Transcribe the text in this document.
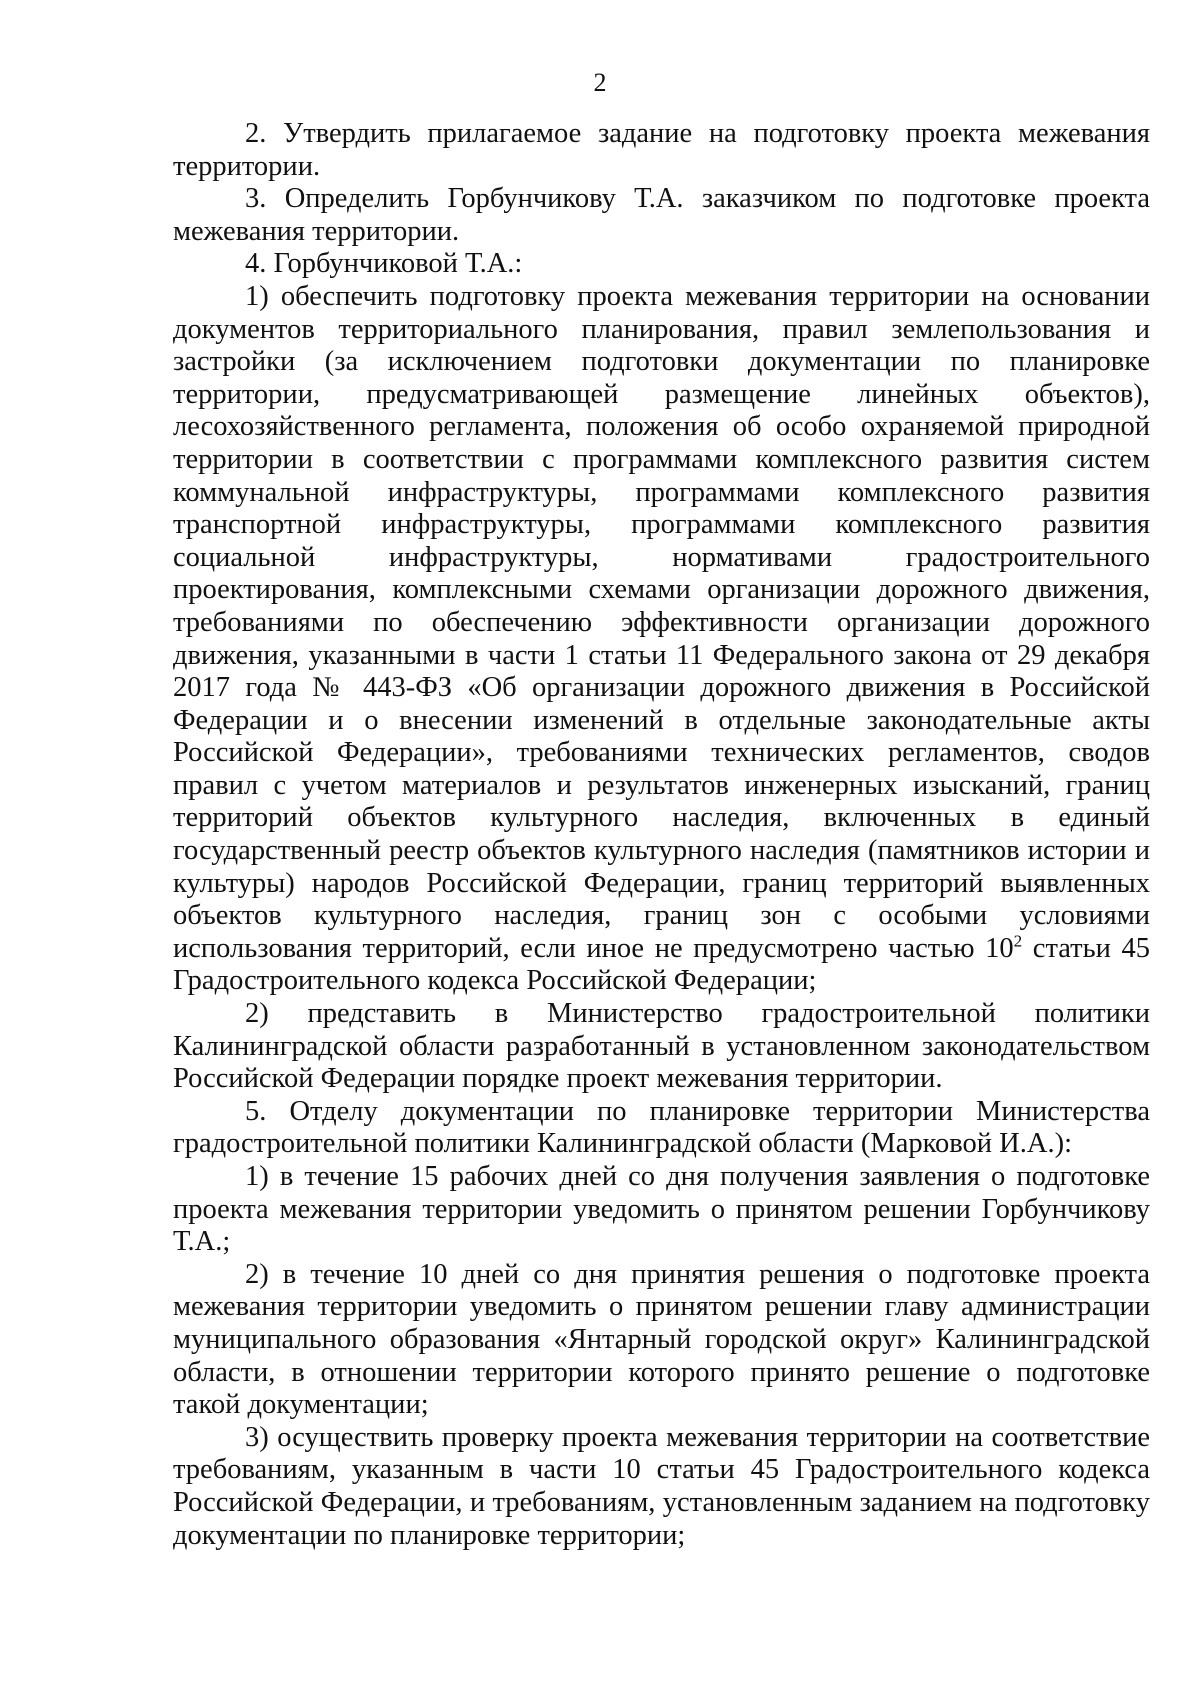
2

2. Утвердить прилагаемое задание на подготовку проекта межевания территории.

3. Определить Горбунчикову Т.А. заказчиком по подготовке проекта межевания территории.

4. Горбунчиковой Т.А.:

1) обеспечить подготовку проекта межевания территории на основании документов территориального планирования, правил землепользования и застройки (за исключением подготовки документации по планировке территории, предусматривающей размещение линейных объектов), лесохозяйственного регламента, положения об особо охраняемой природной территории в соответствии с программами комплексного развития систем коммунальной инфраструктуры, программами комплексного развития транспортной инфраструктуры, программами комплексного развития социальной инфраструктуры, нормативами градостроительного проектирования, комплексными схемами организации дорожного движения, требованиями по обеспечению эффективности организации дорожного движения, указанными в части 1 статьи 11 Федерального закона от 29 декабря 2017 года № 443-ФЗ «Об организации дорожного движения в Российской Федерации и о внесении изменений в отдельные законодательные акты Российской Федерации», требованиями технических регламентов, сводов правил с учетом материалов и результатов инженерных изысканий, границ территорий объектов культурного наследия, включенных в единый государственный реестр объектов культурного наследия (памятников истории и культуры) народов Российской Федерации, границ территорий выявленных объектов культурного наследия, границ зон с особыми условиями использования территорий, если иное не предусмотрено частью $10^2$ статьи 45 Градостроительного кодекса Российской Федерации;

2) представить в Министерство градостроительной политики Калининградской области разработанный в установленном законодательством Российской Федерации порядке проект межевания территории.

5. Отделу документации по планировке территории Министерства градостроительной политики Калининградской области (Марковой И.А.):

1) в течение 15 рабочих дней со дня получения заявления о подготовке проекта межевания территории уведомить о принятом решении Горбунчикову Т.А.;

2) в течение 10 дней со дня принятия решения о подготовке проекта межевания территории уведомить о принятом решении главу администрации муниципального образования «Янтарный городской округ» Калининградской области, в отношении территории которого принято решение о подготовке такой документации;

3) осуществить проверку проекта межевания территории на соответствие требованиям, указанным в части 10 статьи 45 Градостроительного кодекса Российской Федерации, и требованиям, установленным заданием на подготовку документации по планировке территории;
